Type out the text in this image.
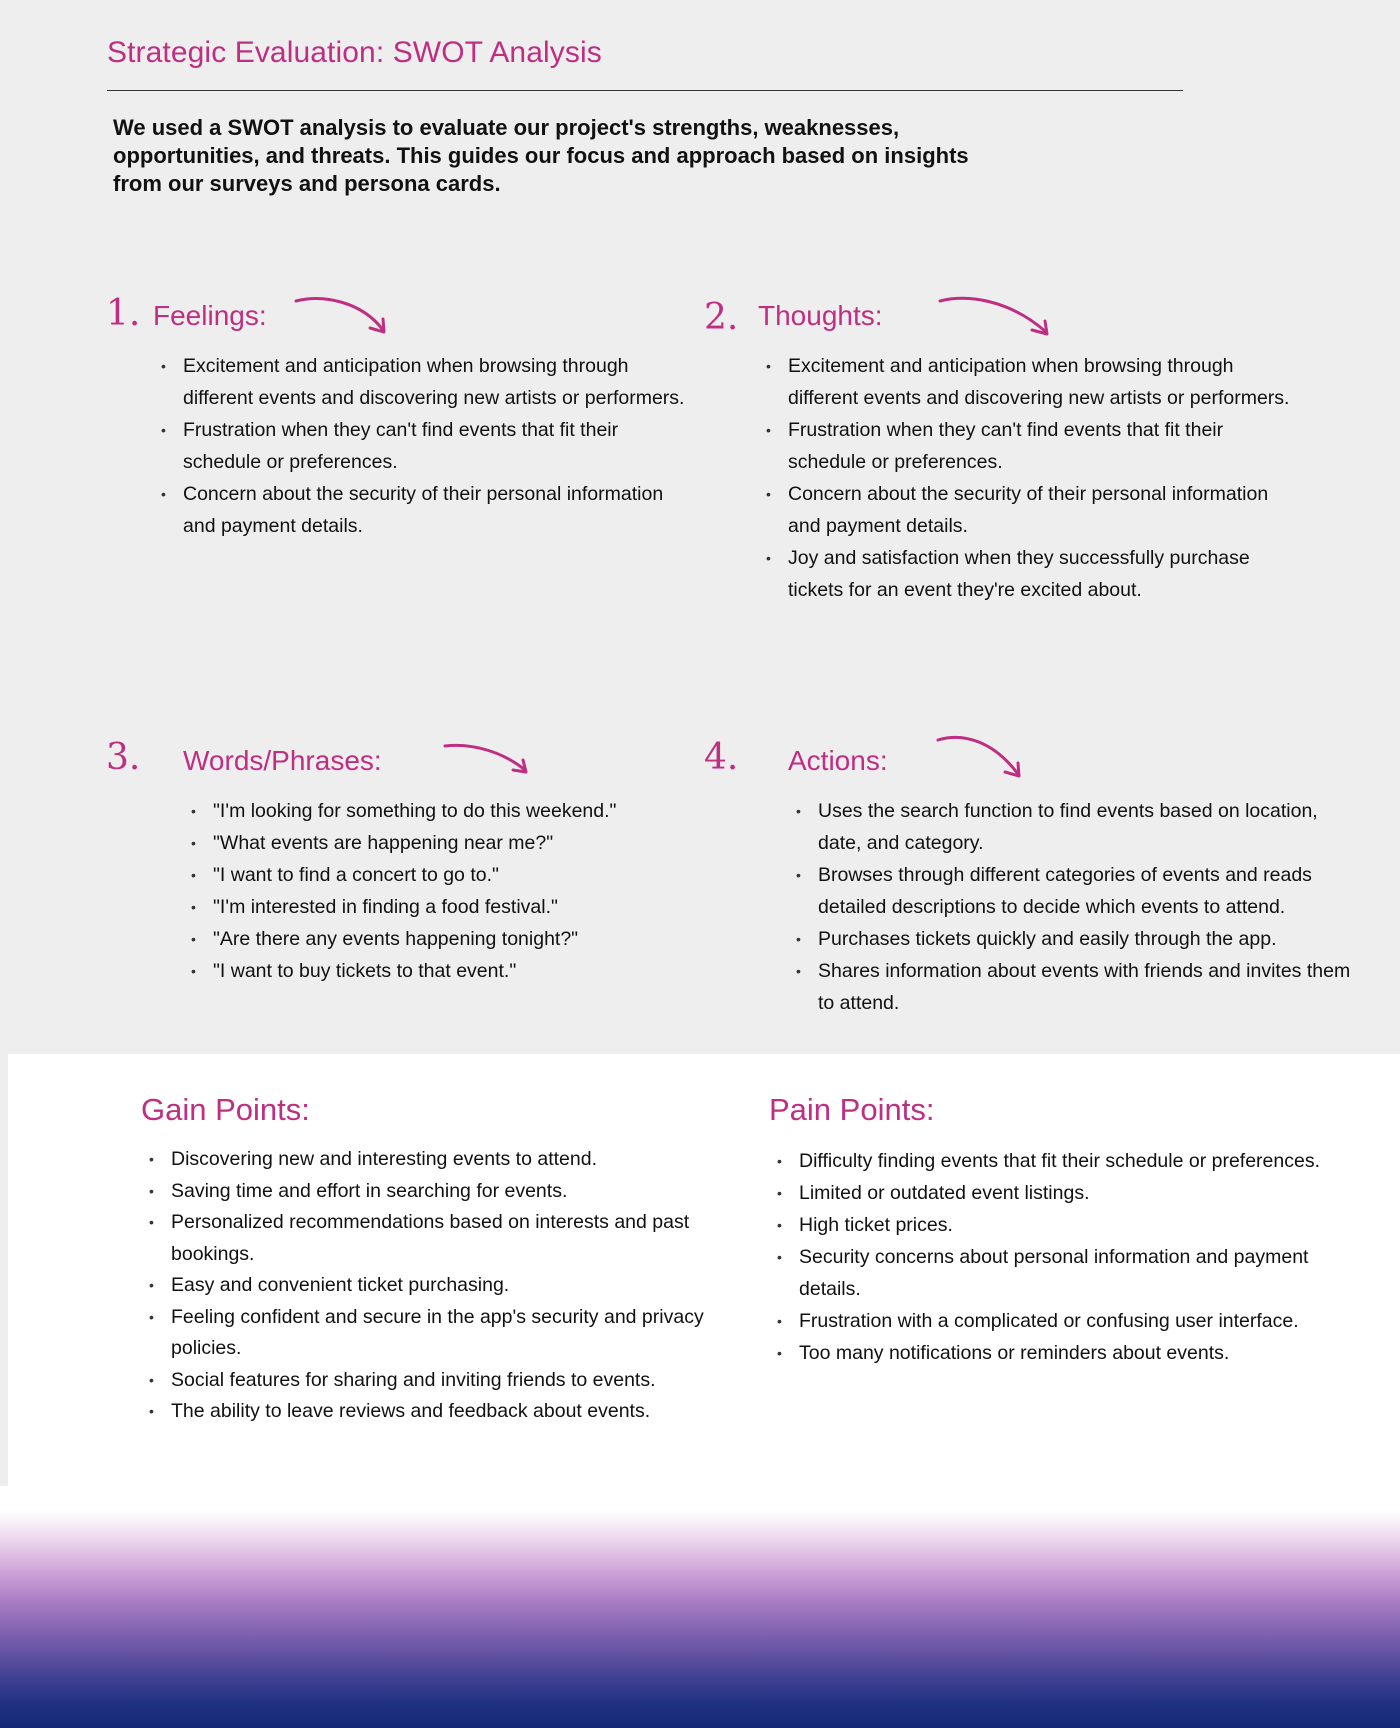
Strategic Evaluation: SWOT Analysis

We used a SWOT analysis to evaluate our project's strengths, weaknesses, opportunities, and threats. This guides our focus and approach based on insights from our surveys and persona cards.

1. Feelings:
• Excitement and anticipation when browsing through different events and discovering new artists or performers.
• Frustration when they can't find events that fit their schedule or preferences.
• Concern about the security of their personal information and payment details.
2. Thoughts:
• Excitement and anticipation when browsing through different events and discovering new artists or performers.
• Frustration when they can't find events that fit their schedule or preferences.
• Concern about the security of their personal information and payment details.
• Joy and satisfaction when they successfully purchase tickets for an event they're excited about.
3. Words/Phrases:
• "I'm looking for something to do this weekend."
• "What events are happening near me?"
• "I want to find a concert to go to."
• "I'm interested in finding a food festival."
• "Are there any events happening tonight?"
• "I want to buy tickets to that event."
4. Actions:
• Uses the search function to find events based on location, date, and category.
• Browses through different categories of events and reads detailed descriptions to decide which events to attend.
• Purchases tickets quickly and easily through the app.
• Shares information about events with friends and invites them to attend.
Gain Points:
• Discovering new and interesting events to attend.
• Saving time and effort in searching for events.
• Personalized recommendations based on interests and past bookings.
• Easy and convenient ticket purchasing.
• Feeling confident and secure in the app's security and privacy policies.
• Social features for sharing and inviting friends to events.
• The ability to leave reviews and feedback about events.
Pain Points:
• Difficulty finding events that fit their schedule or preferences.
• Limited or outdated event listings.
• High ticket prices.
• Security concerns about personal information and payment details.
• Frustration with a complicated or confusing user interface.
• Too many notifications or reminders about events.
